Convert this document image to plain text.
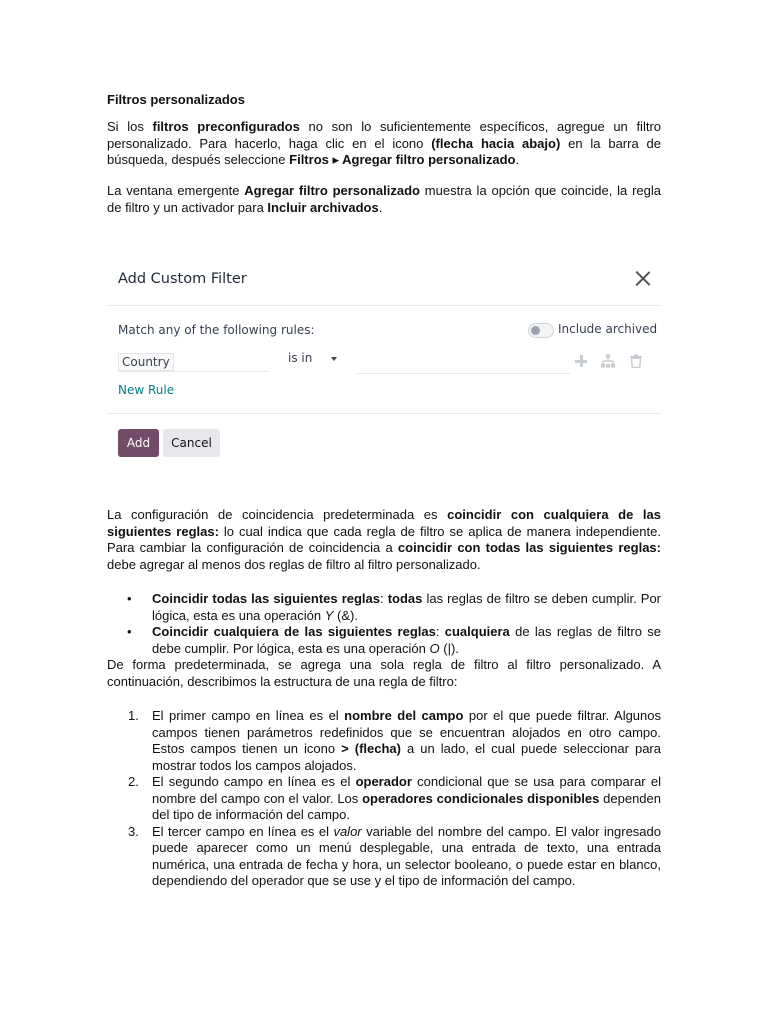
Filtros personalizados

Si los filtros preconfigurados no son lo suficientemente específicos, agregue un filtro personalizado. Para hacerlo, haga clic en el icono (flecha hacia abajo) en la barra de búsqueda, después seleccione Filtros ▸ Agregar filtro personalizado.

La ventana emergente Agregar filtro personalizado muestra la opción que coincide, la regla de filtro y un activador para Incluir archivados.

Add Custom Filter
Match any of the following rules:	Include archived
Country	is in
New Rule
Add	Cancel

La configuración de coincidencia predeterminada es coincidir con cualquiera de las siguientes reglas: lo cual indica que cada regla de filtro se aplica de manera independiente. Para cambiar la configuración de coincidencia a coincidir con todas las siguientes reglas: debe agregar al menos dos reglas de filtro al filtro personalizado.

• Coincidir todas las siguientes reglas: todas las reglas de filtro se deben cumplir. Por lógica, esta es una operación Y (&).
• Coincidir cualquiera de las siguientes reglas: cualquiera de las reglas de filtro se debe cumplir. Por lógica, esta es una operación O (|).

De forma predeterminada, se agrega una sola regla de filtro al filtro personalizado. A continuación, describimos la estructura de una regla de filtro:

1. El primer campo en línea es el nombre del campo por el que puede filtrar. Algunos campos tienen parámetros redefinidos que se encuentran alojados en otro campo. Estos campos tienen un icono > (flecha) a un lado, el cual puede seleccionar para mostrar todos los campos alojados.
2. El segundo campo en línea es el operador condicional que se usa para comparar el nombre del campo con el valor. Los operadores condicionales disponibles dependen del tipo de información del campo.
3. El tercer campo en línea es el valor variable del nombre del campo. El valor ingresado puede aparecer como un menú desplegable, una entrada de texto, una entrada numérica, una entrada de fecha y hora, un selector booleano, o puede estar en blanco, dependiendo del operador que se use y el tipo de información del campo.
